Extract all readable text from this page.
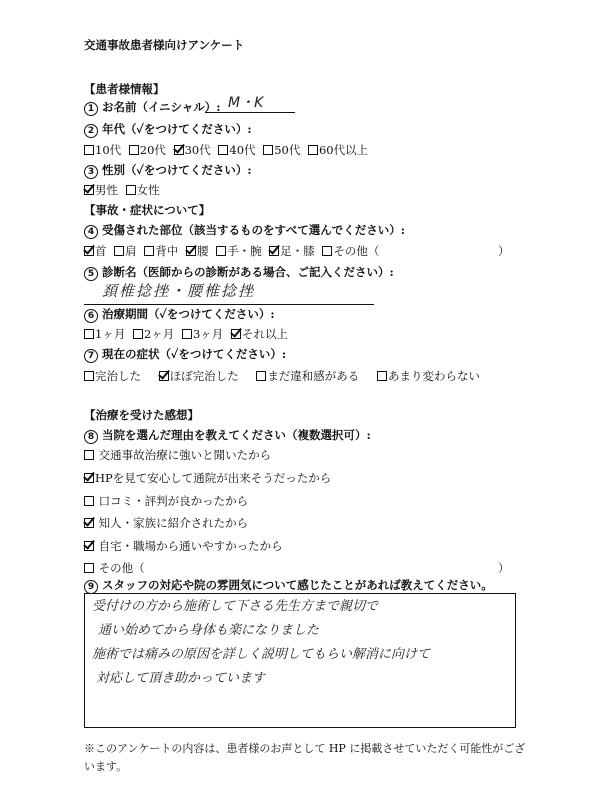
交通事故患者様向けアンケート
【患者様情報】
1 お名前（イニシャル）: M・K
2 年代（✓をつけてください）:
10代 20代 30代 40代 50代 60代以上
3 性別（✓をつけてください）:
男性 女性
【事故・症状について】
4 受傷された部位（該当するものをすべて選んでください）:
首 肩 背中 腰 手・腕 足・膝 その他（	）
5 診断名（医師からの診断がある場合、ご記入ください）:
頚椎捻挫・腰椎捻挫
6 治療期間（✓をつけてください）:
1ヶ月 2ヶ月 3ヶ月 それ以上
7 現在の症状（✓をつけてください）:
完治した ほぼ完治した まだ違和感がある あまり変わらない
【治療を受けた感想】
8 当院を選んだ理由を教えてください（複数選択可）:
交通事故治療に強いと聞いたから
HPを見て安心して通院が出来そうだったから
口コミ・評判が良かったから
知人・家族に紹介されたから
自宅・職場から通いやすかったから
その他（	）
9 スタッフの対応や院の雰囲気について感じたことがあれば教えてください。
受付けの方から施術して下さる先生方まで親切で
通い始めてから身体も楽になりました
施術では痛みの原因を詳しく説明してもらい解消に向けて
対応して頂き助かっています
※このアンケートの内容は、患者様のお声として HP に掲載させていただく可能性がござ
います。
